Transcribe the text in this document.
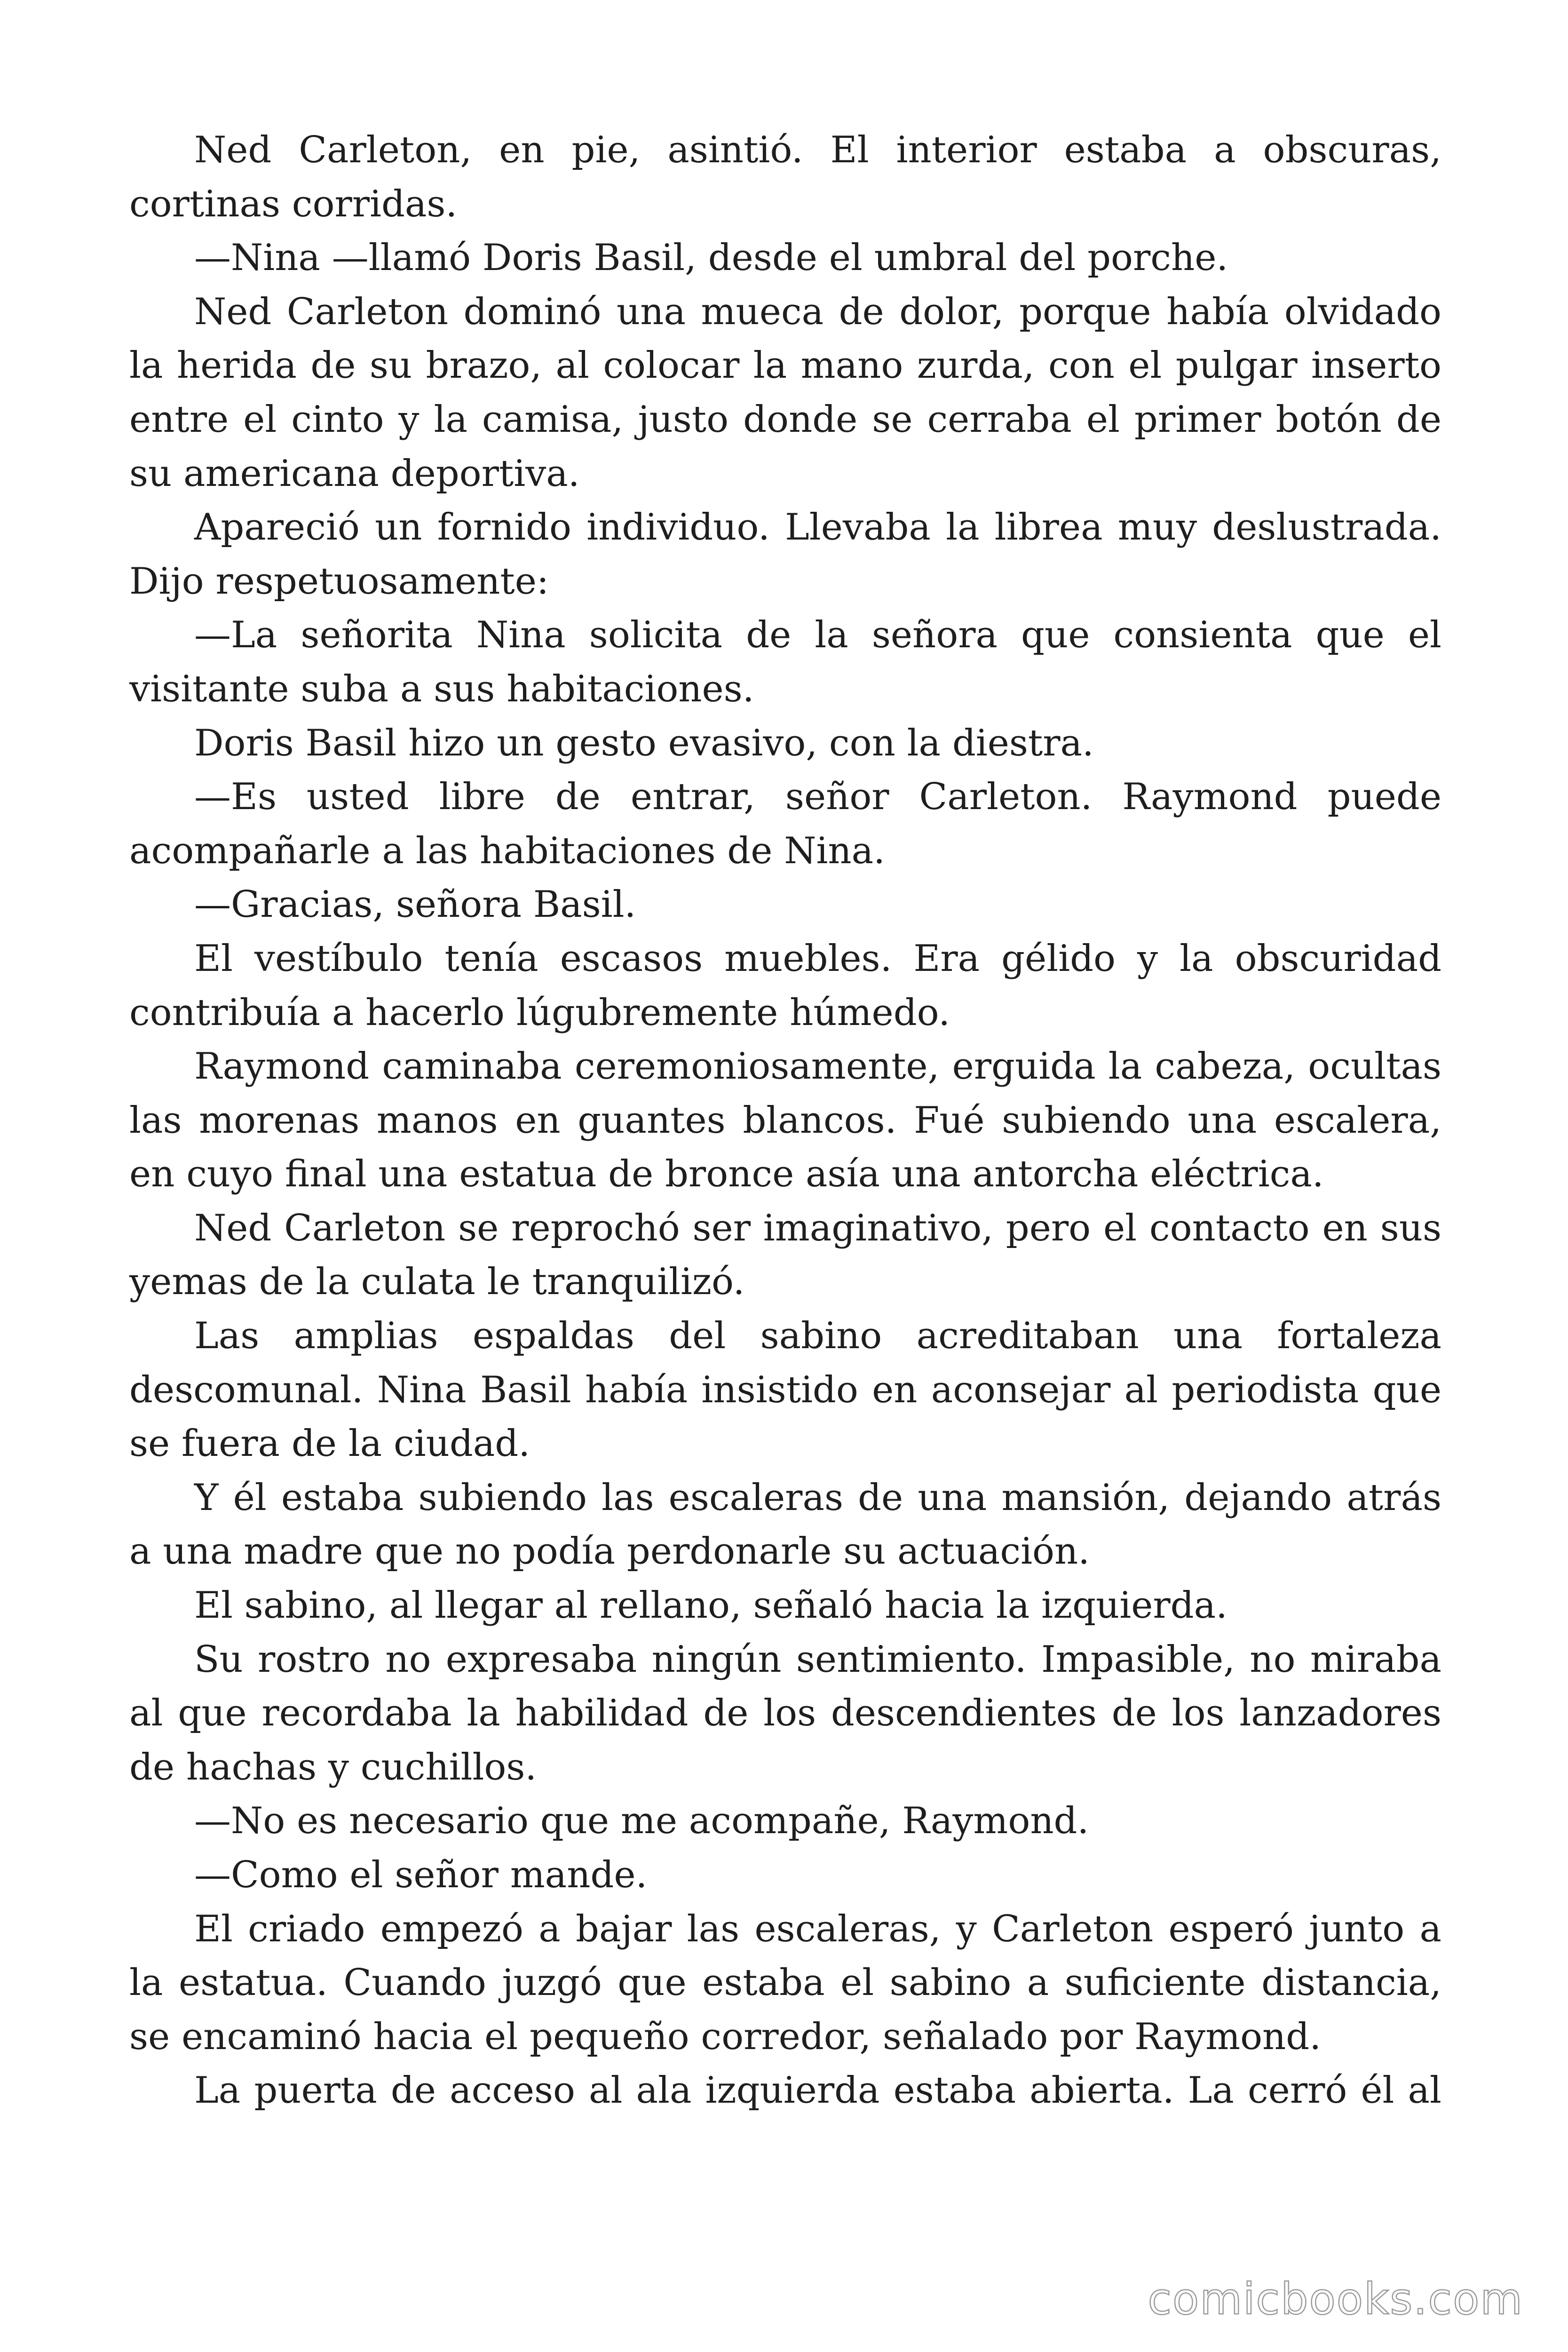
Ned Carleton, en pie, asintió. El interior estaba a obscuras, cortinas corridas.

—Nina —llamó Doris Basil, desde el umbral del porche.

Ned Carleton dominó una mueca de dolor, porque había olvidado la herida de su brazo, al colocar la mano zurda, con el pulgar inserto entre el cinto y la camisa, justo donde se cerraba el primer botón de su americana deportiva.

Apareció un fornido individuo. Llevaba la librea muy deslustrada. Dijo respetuosamente:

—La señorita Nina solicita de la señora que consienta que el visitante suba a sus habitaciones.

Doris Basil hizo un gesto evasivo, con la diestra.

—Es usted libre de entrar, señor Carleton. Raymond puede acompañarle a las habitaciones de Nina.

—Gracias, señora Basil.

El vestíbulo tenía escasos muebles. Era gélido y la obscuridad contribuía a hacerlo lúgubremente húmedo.

Raymond caminaba ceremoniosamente, erguida la cabeza, ocultas las morenas manos en guantes blancos. Fué subiendo una escalera, en cuyo final una estatua de bronce asía una antorcha eléctrica.

Ned Carleton se reprochó ser imaginativo, pero el contacto en sus yemas de la culata le tranquilizó.

Las amplias espaldas del sabino acreditaban una fortaleza descomunal. Nina Basil había insistido en aconsejar al periodista que se fuera de la ciudad.

Y él estaba subiendo las escaleras de una mansión, dejando atrás a una madre que no podía perdonarle su actuación.

El sabino, al llegar al rellano, señaló hacia la izquierda.

Su rostro no expresaba ningún sentimiento. Impasible, no miraba al que recordaba la habilidad de los descendientes de los lanzadores de hachas y cuchillos.

—No es necesario que me acompañe, Raymond.

—Como el señor mande.

El criado empezó a bajar las escaleras, y Carleton esperó junto a la estatua. Cuando juzgó que estaba el sabino a suficiente distancia, se encaminó hacia el pequeño corredor, señalado por Raymond.

La puerta de acceso al ala izquierda estaba abierta. La cerró él al

comicbooks.com
